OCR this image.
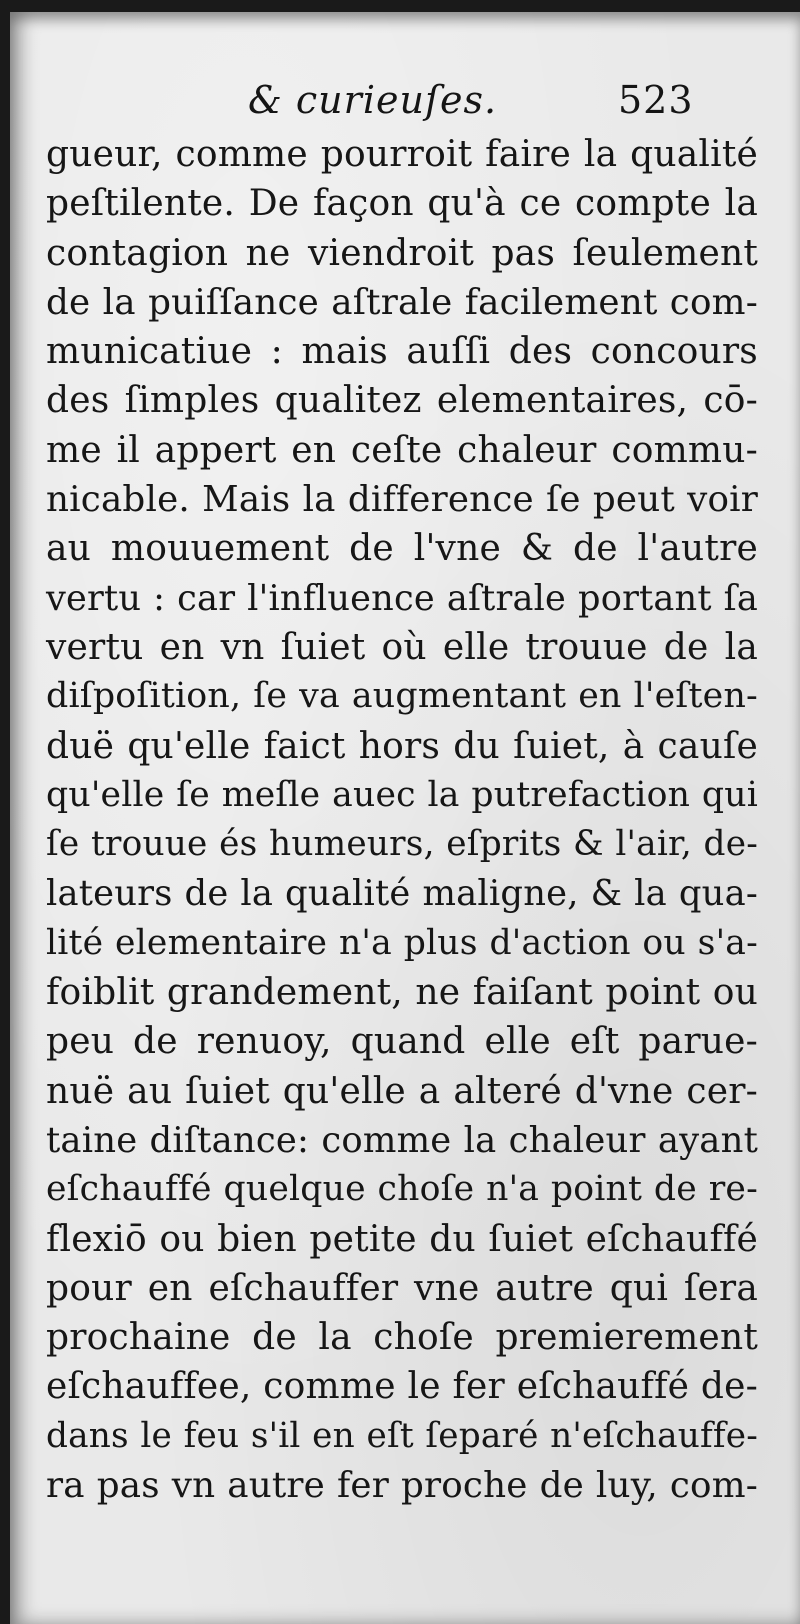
& curieuſes.	523
gueur, comme pourroit faire la qualité
peſtilente. De façon qu'à ce compte la
contagion ne viendroit pas ſeulement
de la puiſſance aſtrale facilement com-
municatiue : mais auſſi des concours
des ſimples qualitez elementaires, cō-
me il appert en ceſte chaleur commu-
nicable. Mais la difference ſe peut voir
au mouuement de l'vne & de l'autre
vertu : car l'influence aſtrale portant ſa
vertu en vn ſuiet où elle trouue de la
diſpoſition, ſe va augmentant en l'eſten-
duë qu'elle faict hors du ſuiet, à cauſe
qu'elle ſe meſle auec la putrefaction qui
ſe trouue és humeurs, eſprits & l'air, de-
lateurs de la qualité maligne, & la qua-
lité elementaire n'a plus d'action ou s'a-
foiblit grandement, ne faiſant point ou
peu de renuoy, quand elle eſt parue-
nuë au ſuiet qu'elle a alteré d'vne cer-
taine diſtance: comme la chaleur ayant
eſchauffé quelque choſe n'a point de re-
flexiō ou bien petite du ſuiet eſchauffé
pour en eſchauffer vne autre qui ſera
prochaine de la choſe premierement
eſchauffee, comme le fer eſchauffé de-
dans le feu s'il en eſt ſeparé n'eſchauffe-
ra pas vn autre fer proche de luy, com-
